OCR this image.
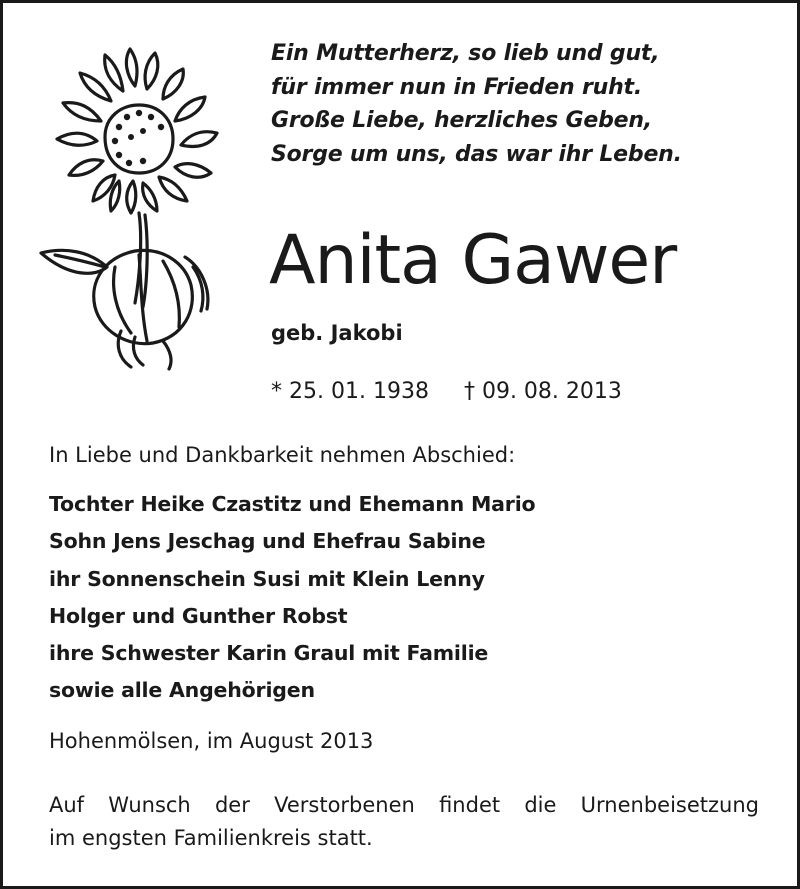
Ein Mutterherz, so lieb und gut,
für immer nun in Frieden ruht.
Große Liebe, herzliches Geben,
Sorge um uns, das war ihr Leben.
Anita Gawer
geb. Jakobi
* 25. 01. 1938 † 09. 08. 2013
In Liebe und Dankbarkeit nehmen Abschied:
Tochter Heike Czastitz und Ehemann Mario
Sohn Jens Jeschag und Ehefrau Sabine
ihr Sonnenschein Susi mit Klein Lenny
Holger und Gunther Robst
ihre Schwester Karin Graul mit Familie
sowie alle Angehörigen
Hohenmölsen, im August 2013
Auf Wunsch der Verstorbenen findet die Urnenbeisetzung
im engsten Familienkreis statt.
